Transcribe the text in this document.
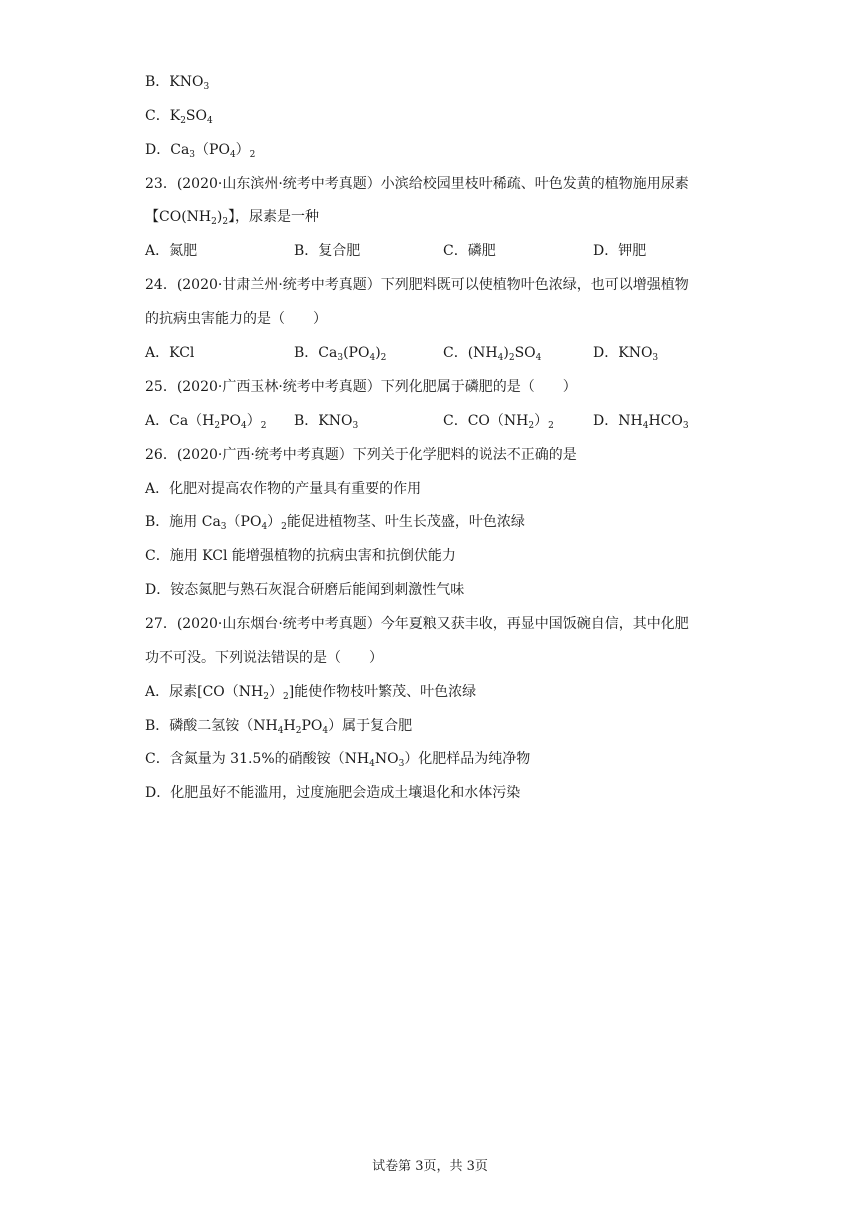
B．$KNO_3$
C．$K_2SO_4$
D．$Ca_3(PO_4)_2$
23．(2020·山东滨州·统考中考真题）小滨给校园里枝叶稀疏、叶色发黄的植物施用尿素
【$CO(NH_2)_2$】，尿素是一种
A．氮肥	B．复合肥	C．磷肥	D．钾肥
24．(2020·甘肃兰州·统考中考真题）下列肥料既可以使植物叶色浓绿，也可以增强植物
的抗病虫害能力的是（　　）
A．KCl	B．$Ca_3(PO_4)_2$	C．$(NH_4)_2SO_4$	D．$KNO_3$
25．(2020·广西玉林·统考中考真题）下列化肥属于磷肥的是（　　）
A．$Ca(H_2PO_4)_2$ B．$KNO_3$	C．$CO(NH_2)_2$	D．$NH_4HCO_3$
26．(2020·广西·统考中考真题）下列关于化学肥料的说法不正确的是
A．化肥对提高农作物的产量具有重要的作用
B．施用 $Ca_3(PO_4)_2$能促进植物茎、叶生长茂盛，叶色浓绿
C．施用 KCl 能增强植物的抗病虫害和抗倒伏能力
D．铵态氮肥与熟石灰混合研磨后能闻到刺激性气味
27．(2020·山东烟台·统考中考真题）今年夏粮又获丰收，再显中国饭碗自信，其中化肥
功不可没。下列说法错误的是（　　）
A．尿素$[CO(NH_2)_2]$能使作物枝叶繁茂、叶色浓绿
B．磷酸二氢铵$(NH_4H_2PO_4)$属于复合肥
C．含氮量为 31.5%的硝酸铵$(NH_4NO_3)$化肥样品为纯净物
D．化肥虽好不能滥用，过度施肥会造成土壤退化和水体污染
试卷第 3页，共 3页
